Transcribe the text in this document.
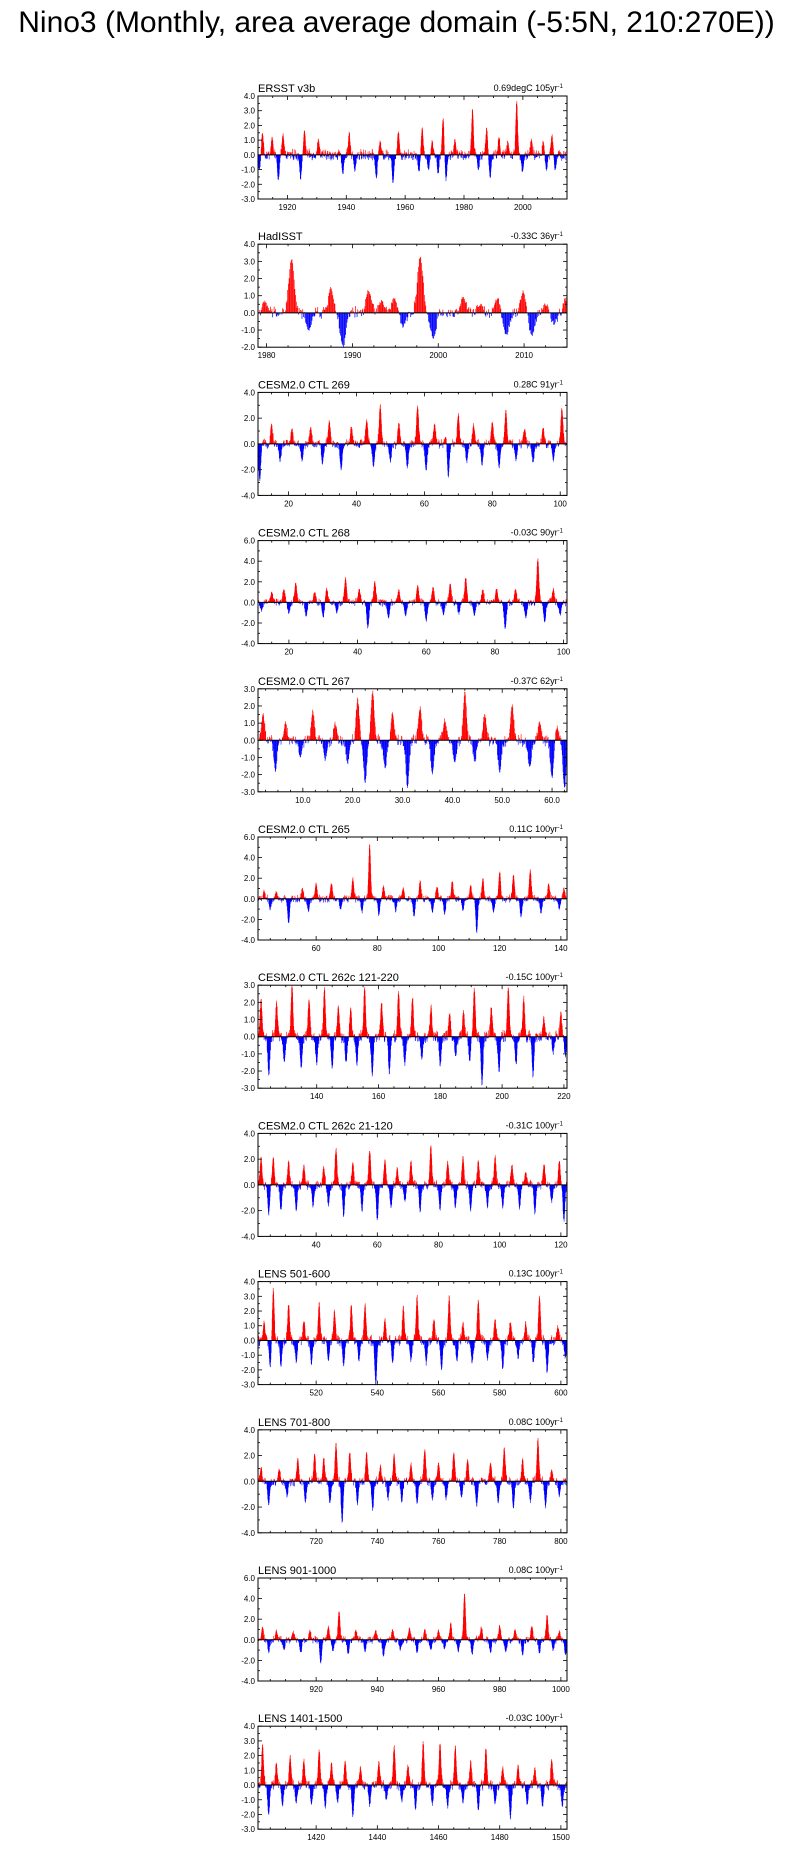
Nino3 (Monthly, area average domain (-5:5N, 210:270E))
ERSST v3b	0.69degC $105yr^{-1}$
-3.0
-2.0
-1.0
0.0
1.0
2.0
3.0
4.0
1920	1940	1960	1980	2000
HadISST	-0.33C $36yr^{-1}$
-2.0
-1.0
0.0
1.0
2.0
3.0
4.0
1980	1990	2000	2010
CESM2.0 CTL 269	0.28C $91yr^{-1}$
-4.0
-2.0
0.0
2.0
4.0
20	40	60	80	100
CESM2.0 CTL 268	-0.03C $90yr^{-1}$
-4.0
-2.0
0.0
2.0
4.0
6.0
20	40	60	80	100
CESM2.0 CTL 267	-0.37C $62yr^{-1}$
-3.0
-2.0
-1.0
0.0
1.0
2.0
3.0
10.0	20.0	30.0	40.0	50.0	60.0
CESM2.0 CTL 265	0.11C $100yr^{-1}$
-4.0
-2.0
0.0
2.0
4.0
6.0
60	80	100	120	140
CESM2.0 CTL 262c 121-220	-0.15C $100yr^{-1}$
-3.0
-2.0
-1.0
0.0
1.0
2.0
3.0
140	160	180	200	220
CESM2.0 CTL 262c 21-120	-0.31C $100yr^{-1}$
-4.0
-2.0
0.0
2.0
4.0
40	60	80	100	120
LENS 501-600	0.13C $100yr^{-1}$
-3.0
-2.0
-1.0
0.0
1.0
2.0
3.0
4.0
520	540	560	580	600
LENS 701-800	0.08C $100yr^{-1}$
-4.0
-2.0
0.0
2.0
4.0
720	740	760	780	800
LENS 901-1000	0.08C $100yr^{-1}$
-4.0
-2.0
0.0
2.0
4.0
6.0
920	940	960	980	1000
LENS 1401-1500	-0.03C $100yr^{-1}$
-3.0
-2.0
-1.0
0.0
1.0
2.0
3.0
4.0
1420	1440	1460	1480	1500
